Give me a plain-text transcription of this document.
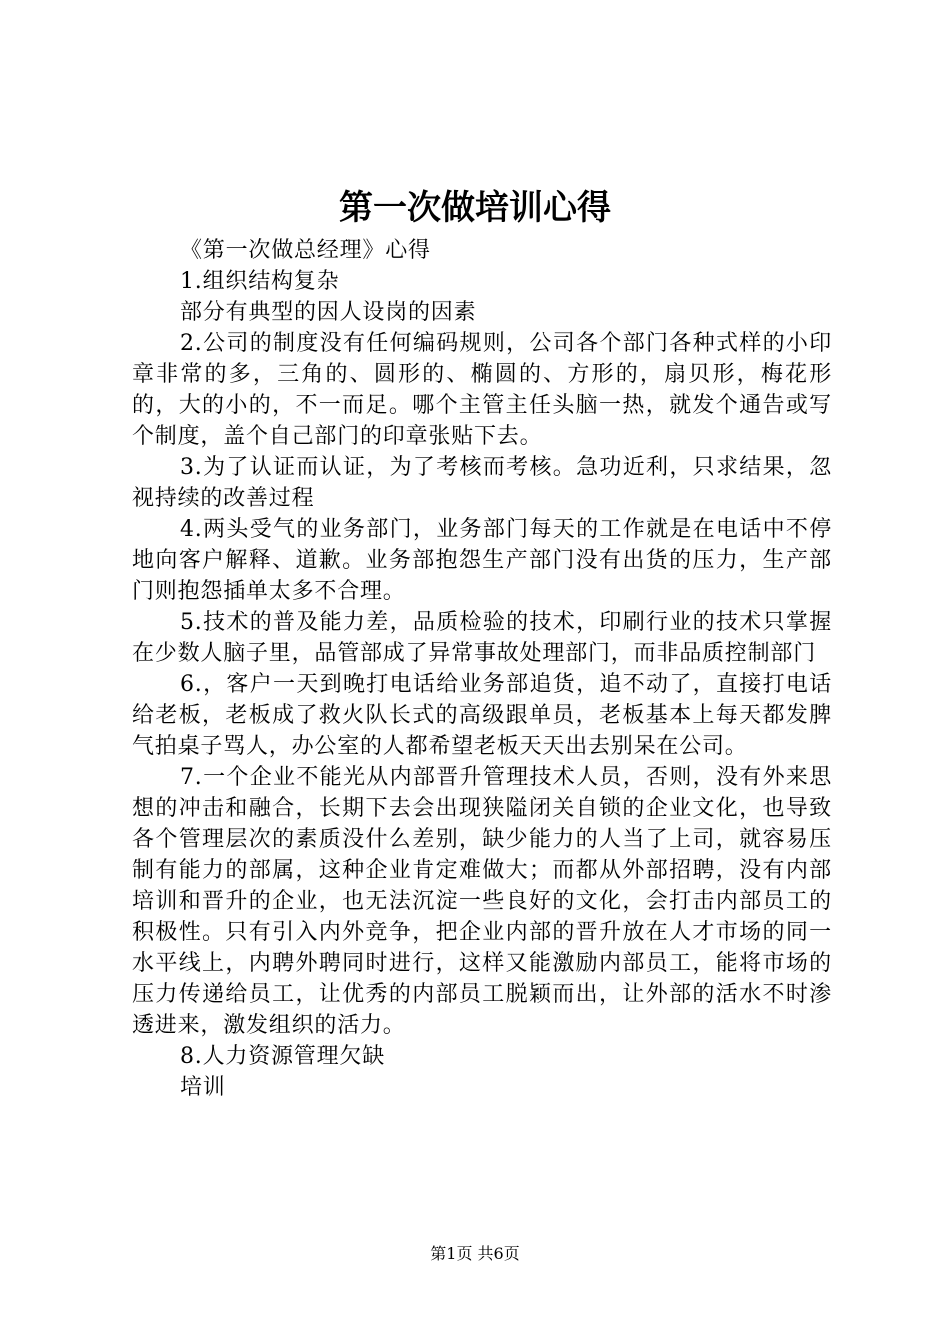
第一次做培训心得

《第一次做总经理》心得

1.组织结构复杂

部分有典型的因人设岗的因素

2.公司的制度没有任何编码规则，公司各个部门各种式样的小印章非常的多，三角的、圆形的、椭圆的、方形的，扇贝形，梅花形的，大的小的，不一而足。哪个主管主任头脑一热，就发个通告或写个制度，盖个自己部门的印章张贴下去。

3.为了认证而认证，为了考核而考核。急功近利，只求结果，忽视持续的改善过程

4.两头受气的业务部门，业务部门每天的工作就是在电话中不停地向客户解释、道歉。业务部抱怨生产部门没有出货的压力，生产部门则抱怨插单太多不合理。

5.技术的普及能力差，品质检验的技术，印刷行业的技术只掌握在少数人脑子里，品管部成了异常事故处理部门，而非品质控制部门

6.，客户一天到晚打电话给业务部追货，追不动了，直接打电话给老板，老板成了救火队长式的高级跟单员，老板基本上每天都发脾气拍桌子骂人，办公室的人都希望老板天天出去别呆在公司。

7.一个企业不能光从内部晋升管理技术人员，否则，没有外来思想的冲击和融合，长期下去会出现狭隘闭关自锁的企业文化，也导致各个管理层次的素质没什么差别，缺少能力的人当了上司，就容易压制有能力的部属，这种企业肯定难做大；而都从外部招聘，没有内部培训和晋升的企业，也无法沉淀一些良好的文化，会打击内部员工的积极性。只有引入内外竞争，把企业内部的晋升放在人才市场的同一水平线上，内聘外聘同时进行，这样又能激励内部员工，能将市场的压力传递给员工，让优秀的内部员工脱颖而出，让外部的活水不时渗透进来，激发组织的活力。

8.人力资源管理欠缺

培训

第1页 共6页
